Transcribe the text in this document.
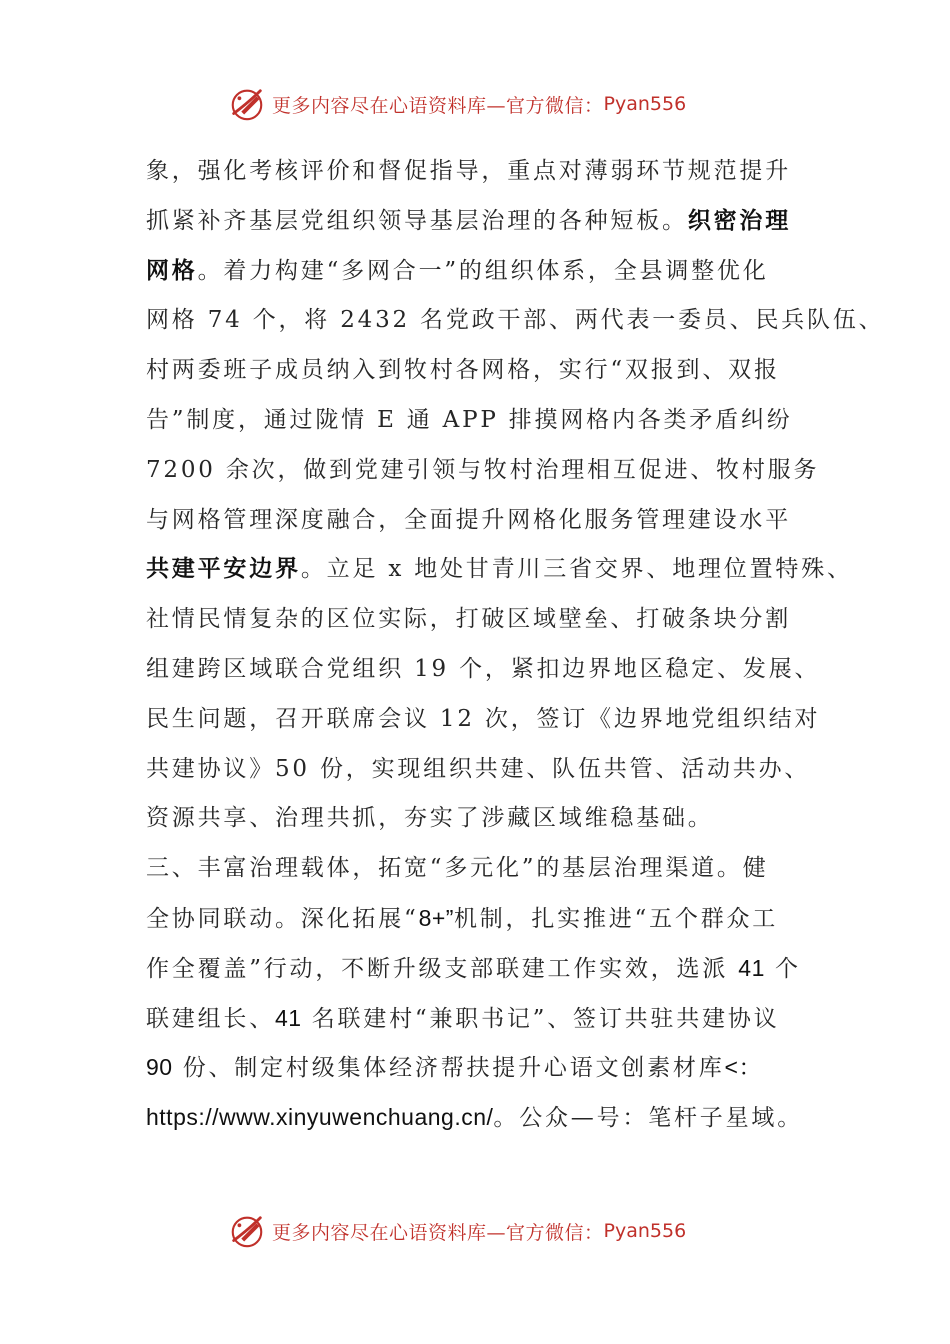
更多内容尽在心语资料库—官方微信： Pyan556
象，强化考核评价和督促指导，重点对薄弱环节规范提升
抓紧补齐基层党组织领导基层治理的各种短板。织密治理
网格。着力构建“多网合一”的组织体系，全县调整优化
网格 74 个，将 2432 名党政干部、两代表一委员、民兵队伍、
村两委班子成员纳入到牧村各网格，实行“双报到、双报
告”制度，通过陇情 E 通 APP 排摸网格内各类矛盾纠纷
7200 余次，做到党建引领与牧村治理相互促进、牧村服务
与网格管理深度融合，全面提升网格化服务管理建设水平
共建平安边界。立足 x 地处甘青川三省交界、地理位置特殊、
社情民情复杂的区位实际，打破区域壁垒、打破条块分割
组建跨区域联合党组织 19 个，紧扣边界地区稳定、发展、
民生问题，召开联席会议 12 次，签订《边界地党组织结对
共建协议》50 份，实现组织共建、队伍共管、活动共办、
资源共享、治理共抓，夯实了涉藏区域维稳基础。
三、丰富治理载体，拓宽“多元化”的基层治理渠道。健
全协同联动。深化拓展“8+”机制，扎实推进“五个群众工
作全覆盖”行动，不断升级支部联建工作实效，选派 41 个
联建组长、41 名联建村“兼职书记”、签订共驻共建协议
90 份、制定村级集体经济帮扶提升心语文创素材库<：
https://www.xinyuwenchuang.cn/。公众—号：笔杆子星域。
更多内容尽在心语资料库—官方微信： Pyan556
